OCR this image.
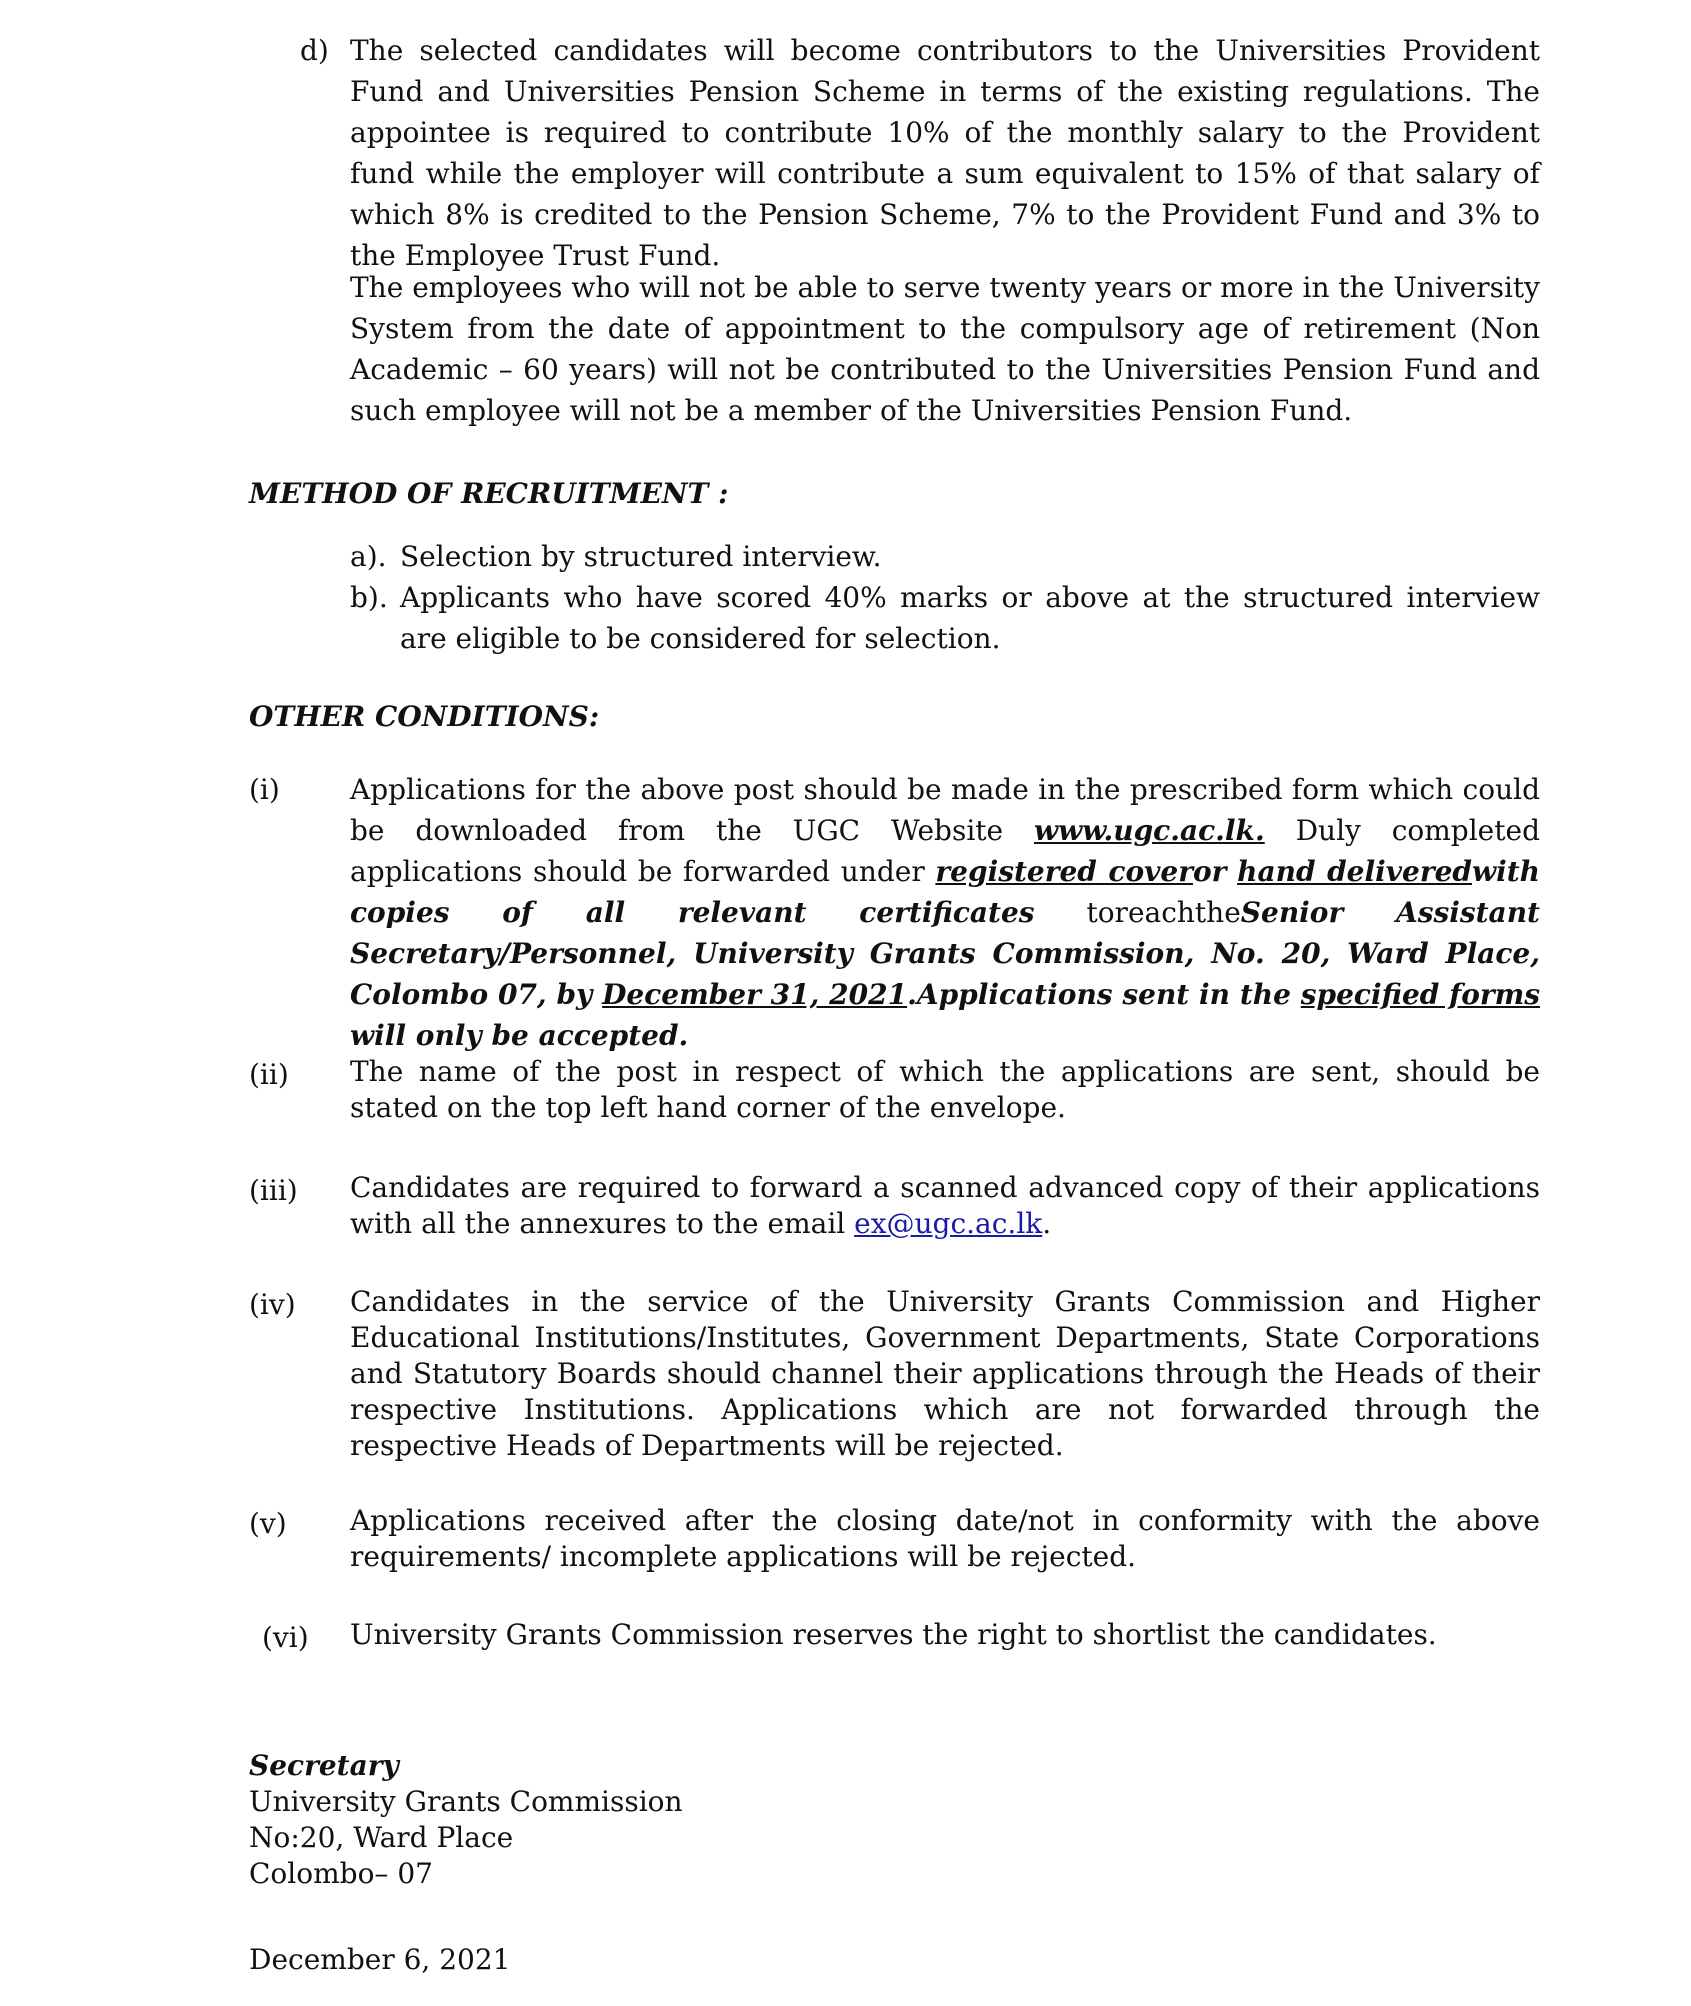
d) The selected candidates will become contributors to the Universities Provident Fund and Universities Pension Scheme in terms of the existing regulations. The appointee is required to contribute 10% of the monthly salary to the Provident fund while the employer will contribute a sum equivalent to 15% of that salary of which 8% is credited to the Pension Scheme, 7% to the Provident Fund and 3% to the Employee Trust Fund.
The employees who will not be able to serve twenty years or more in the University System from the date of appointment to the compulsory age of retirement (Non Academic – 60 years) will not be contributed to the Universities Pension Fund and such employee will not be a member of the Universities Pension Fund.
METHOD OF RECRUITMENT :
a). Selection by structured interview.
b). Applicants who have scored 40% marks or above at the structured interview are eligible to be considered for selection.
OTHER CONDITIONS:
(i)	Applications for the above post should be made in the prescribed form which could be downloaded from the UGC Website www.ugc.ac.lk. Duly completed applications should be forwarded under registered coveror hand deliveredwith copies of all relevant certificates toreachtheSenior Assistant Secretary/Personnel, University Grants Commission, No. 20, Ward Place, Colombo 07, by December 31, 2021.Applications sent in the specified forms will only be accepted.
(ii) The name of the post in respect of which the applications are sent, should be stated on the top left hand corner of the envelope.
(iii) Candidates are required to forward a scanned advanced copy of their applications with all the annexures to the email ex@ugc.ac.lk.
(iv) Candidates in the service of the University Grants Commission and Higher Educational Institutions/Institutes, Government Departments, State Corporations and Statutory Boards should channel their applications through the Heads of their respective Institutions. Applications which are not forwarded through the respective Heads of Departments will be rejected.
(v) Applications received after the closing date/not in conformity with the above requirements/ incomplete applications will be rejected.
(vi) University Grants Commission reserves the right to shortlist the candidates.
Secretary
University Grants Commission
No:20, Ward Place
Colombo– 07
December 6, 2021
